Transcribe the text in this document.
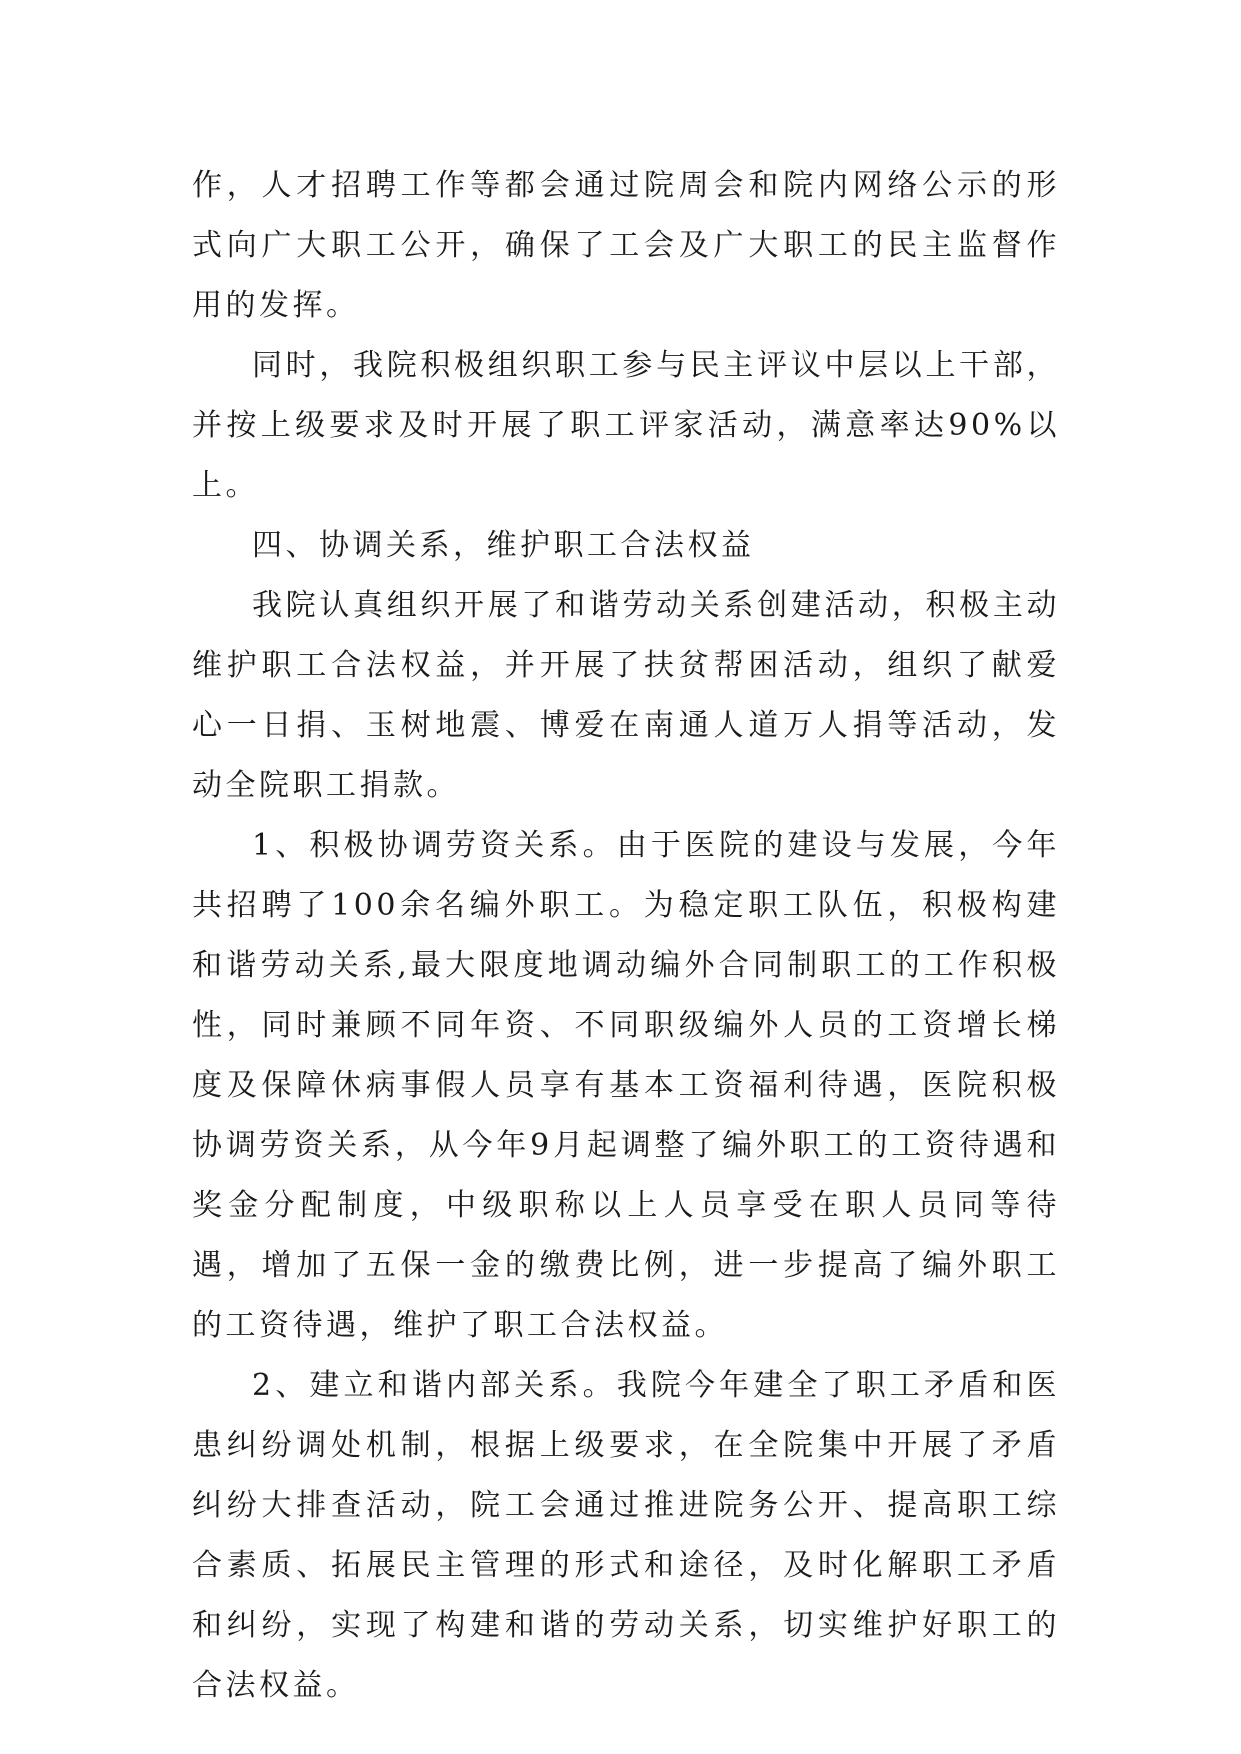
作，人才招聘工作等都会通过院周会和院内网络公示的形式向广大职工公开，确保了工会及广大职工的民主监督作用的发挥。

同时，我院积极组织职工参与民主评议中层以上干部，并按上级要求及时开展了职工评家活动，满意率达90%以上。

四、协调关系，维护职工合法权益

我院认真组织开展了和谐劳动关系创建活动，积极主动维护职工合法权益，并开展了扶贫帮困活动，组织了献爱心一日捐、玉树地震、博爱在南通人道万人捐等活动，发动全院职工捐款。

1、积极协调劳资关系。由于医院的建设与发展，今年共招聘了100余名编外职工。为稳定职工队伍，积极构建和谐劳动关系,最大限度地调动编外合同制职工的工作积极性，同时兼顾不同年资、不同职级编外人员的工资增长梯度及保障休病事假人员享有基本工资福利待遇，医院积极协调劳资关系，从今年9月起调整了编外职工的工资待遇和奖金分配制度，中级职称以上人员享受在职人员同等待遇，增加了五保一金的缴费比例，进一步提高了编外职工的工资待遇，维护了职工合法权益。

2、建立和谐内部关系。我院今年建全了职工矛盾和医患纠纷调处机制，根据上级要求，在全院集中开展了矛盾纠纷大排查活动，院工会通过推进院务公开、提高职工综合素质、拓展民主管理的形式和途径，及时化解职工矛盾和纠纷，实现了构建和谐的劳动关系，切实维护好职工的合法权益。
